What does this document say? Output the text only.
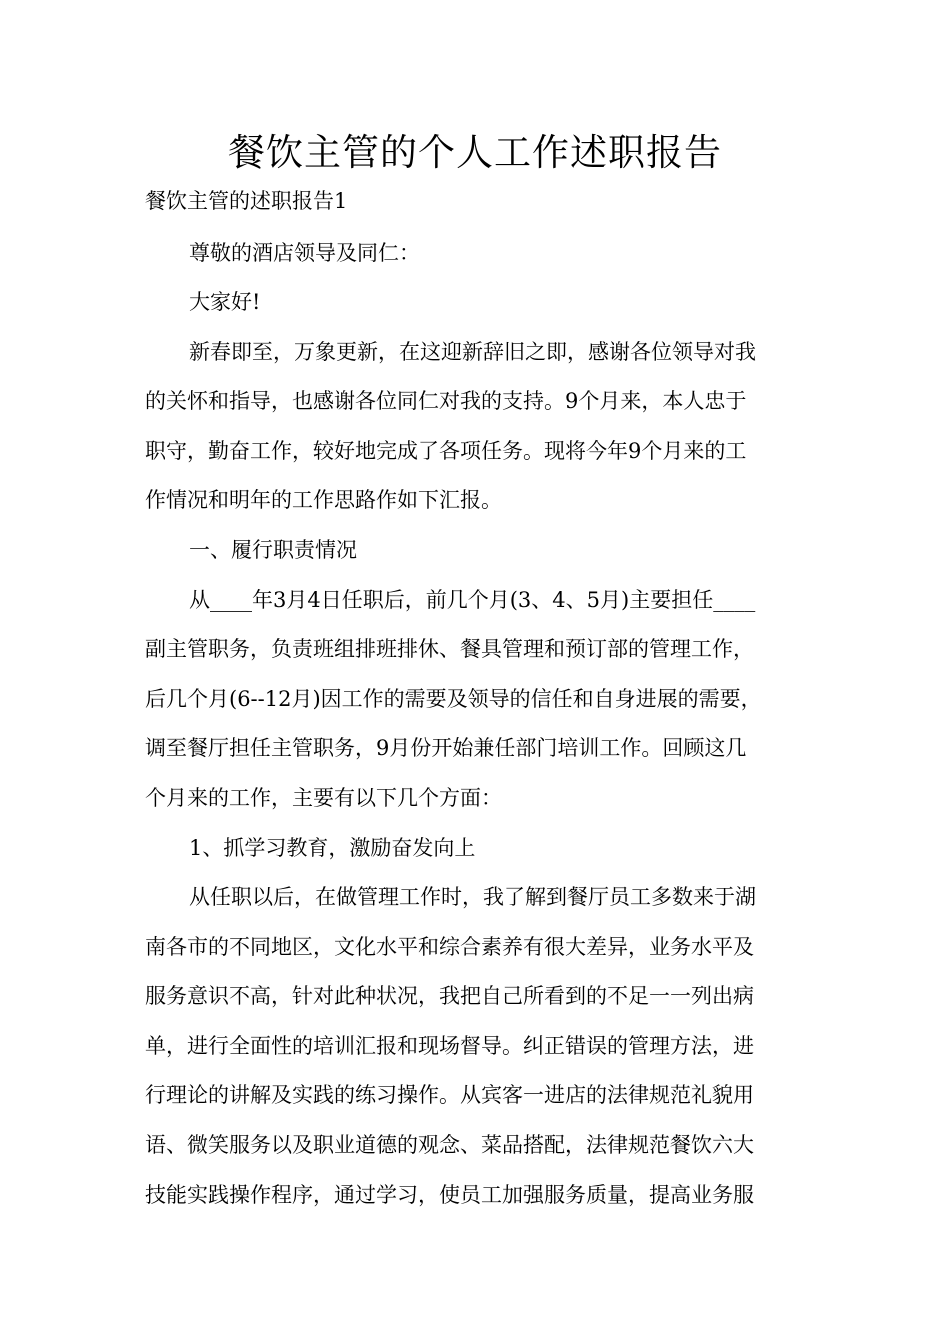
餐饮主管的个人工作述职报告
餐饮主管的述职报告1
尊敬的酒店领导及同仁：
大家好!
新春即至，万象更新，在这迎新辞旧之即，感谢各位领导对我
的关怀和指导，也感谢各位同仁对我的支持。9个月来，本人忠于
职守，勤奋工作，较好地完成了各项任务。现将今年9个月来的工
作情况和明年的工作思路作如下汇报。
一、履行职责情况
从____年3月4日任职后，前几个月(3、4、5月)主要担任____
副主管职务，负责班组排班排休、餐具管理和预订部的管理工作，
后几个月(6--12月)因工作的需要及领导的信任和自身进展的需要，
调至餐厅担任主管职务，9月份开始兼任部门培训工作。回顾这几
个月来的工作，主要有以下几个方面：
1、抓学习教育，激励奋发向上
从任职以后，在做管理工作时，我了解到餐厅员工多数来于湖
南各市的不同地区，文化水平和综合素养有很大差异，业务水平及
服务意识不高，针对此种状况，我把自己所看到的不足一一列出病
单，进行全面性的培训汇报和现场督导。纠正错误的管理方法，进
行理论的讲解及实践的练习操作。从宾客一进店的法律规范礼貌用
语、微笑服务以及职业道德的观念、菜品搭配，法律规范餐饮六大
技能实践操作程序，通过学习，使员工加强服务质量，提高业务服
